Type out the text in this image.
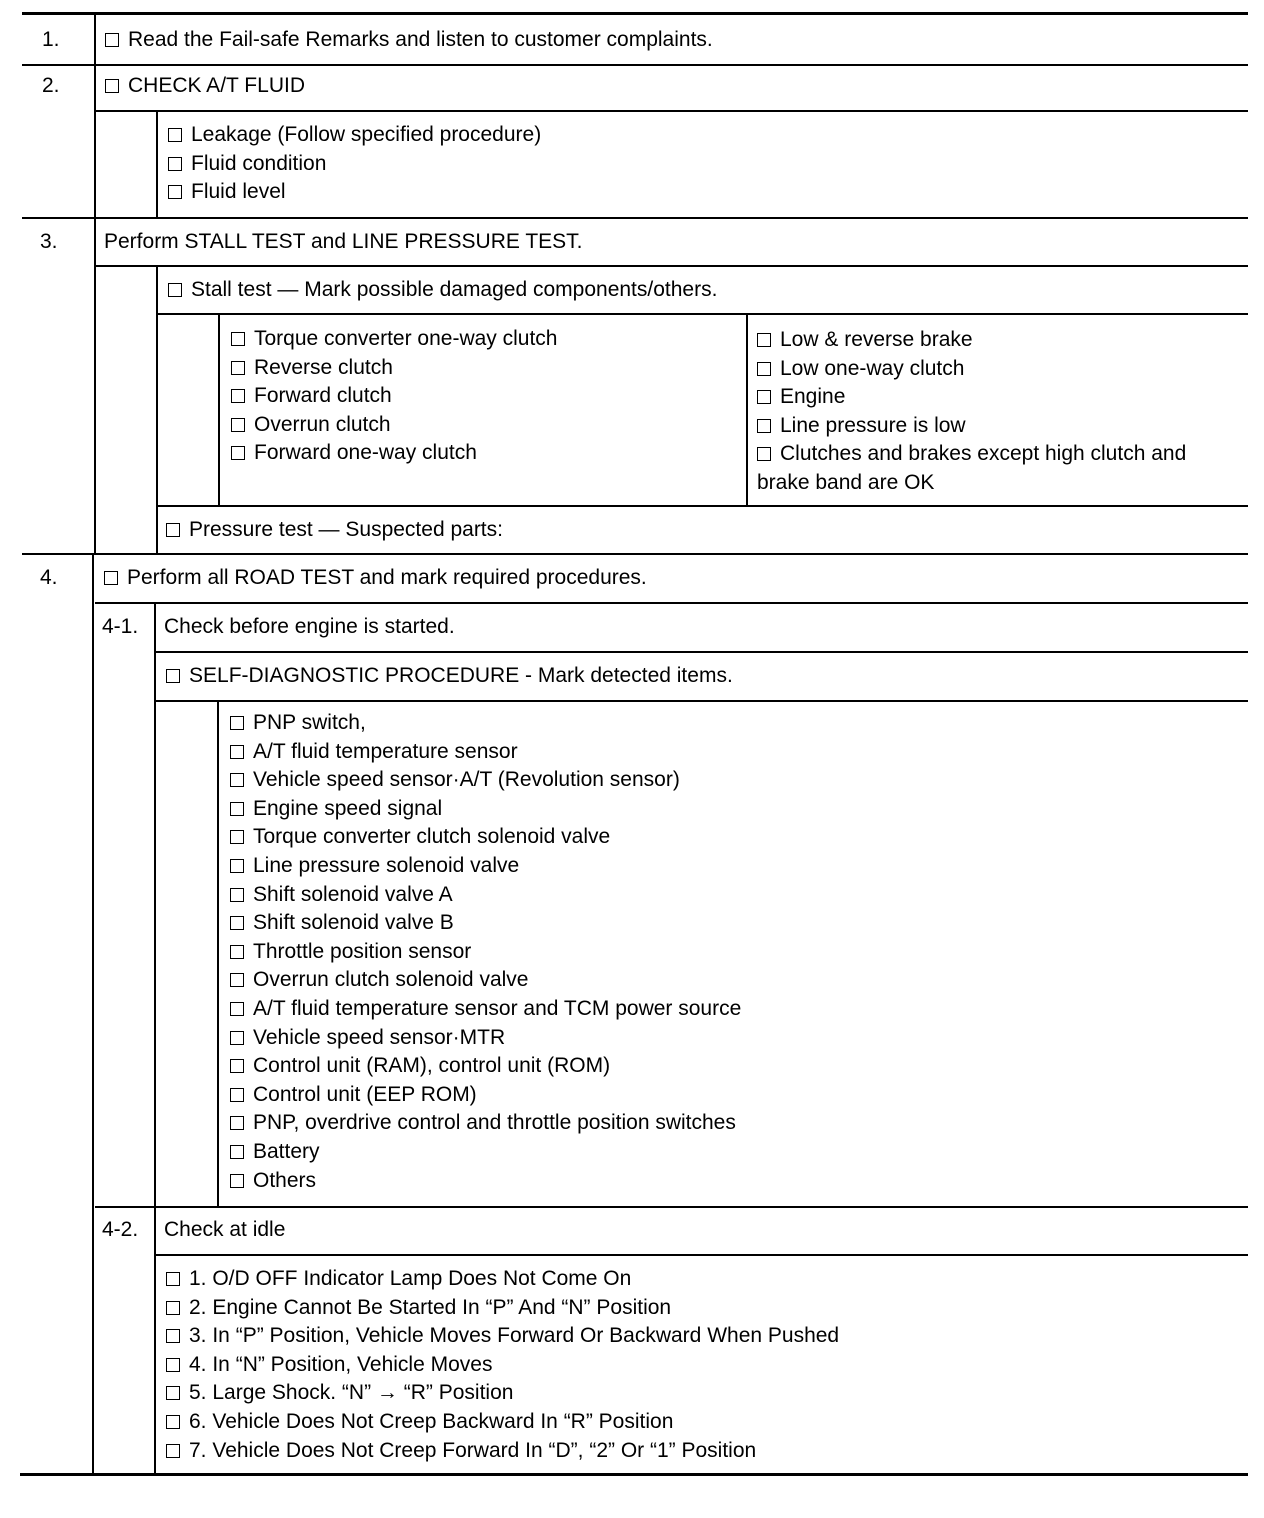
1.	Read the Fail-safe Remarks and listen to customer complaints.
2.	CHECK A/T FLUID
Leakage (Follow specified procedure)
Fluid condition
Fluid level
3. Perform STALL TEST and LINE PRESSURE TEST.
Stall test — Mark possible damaged components/others.
Torque converter one-way clutch
Reverse clutch
Forward clutch
Overrun clutch
Forward one-way clutch
Low & reverse brake
Low one-way clutch
Engine
Line pressure is low
Clutches and brakes except high clutch and
brake band are OK
Pressure test — Suspected parts:
4.	Perform all ROAD TEST and mark required procedures.
4-1. Check before engine is started.
SELF-DIAGNOSTIC PROCEDURE - Mark detected items.
PNP switch,
A/T fluid temperature sensor
Vehicle speed sensor·A/T (Revolution sensor)
Engine speed signal
Torque converter clutch solenoid valve
Line pressure solenoid valve
Shift solenoid valve A
Shift solenoid valve B
Throttle position sensor
Overrun clutch solenoid valve
A/T fluid temperature sensor and TCM power source
Vehicle speed sensor·MTR
Control unit (RAM), control unit (ROM)
Control unit (EEP ROM)
PNP, overdrive control and throttle position switches
Battery
Others
4-2. Check at idle
1. O/D OFF Indicator Lamp Does Not Come On
2. Engine Cannot Be Started In “P” And “N” Position
3. In “P” Position, Vehicle Moves Forward Or Backward When Pushed
4. In “N” Position, Vehicle Moves
5. Large Shock. “N” → “R” Position
6. Vehicle Does Not Creep Backward In “R” Position
7. Vehicle Does Not Creep Forward In “D”, “2” Or “1” Position
